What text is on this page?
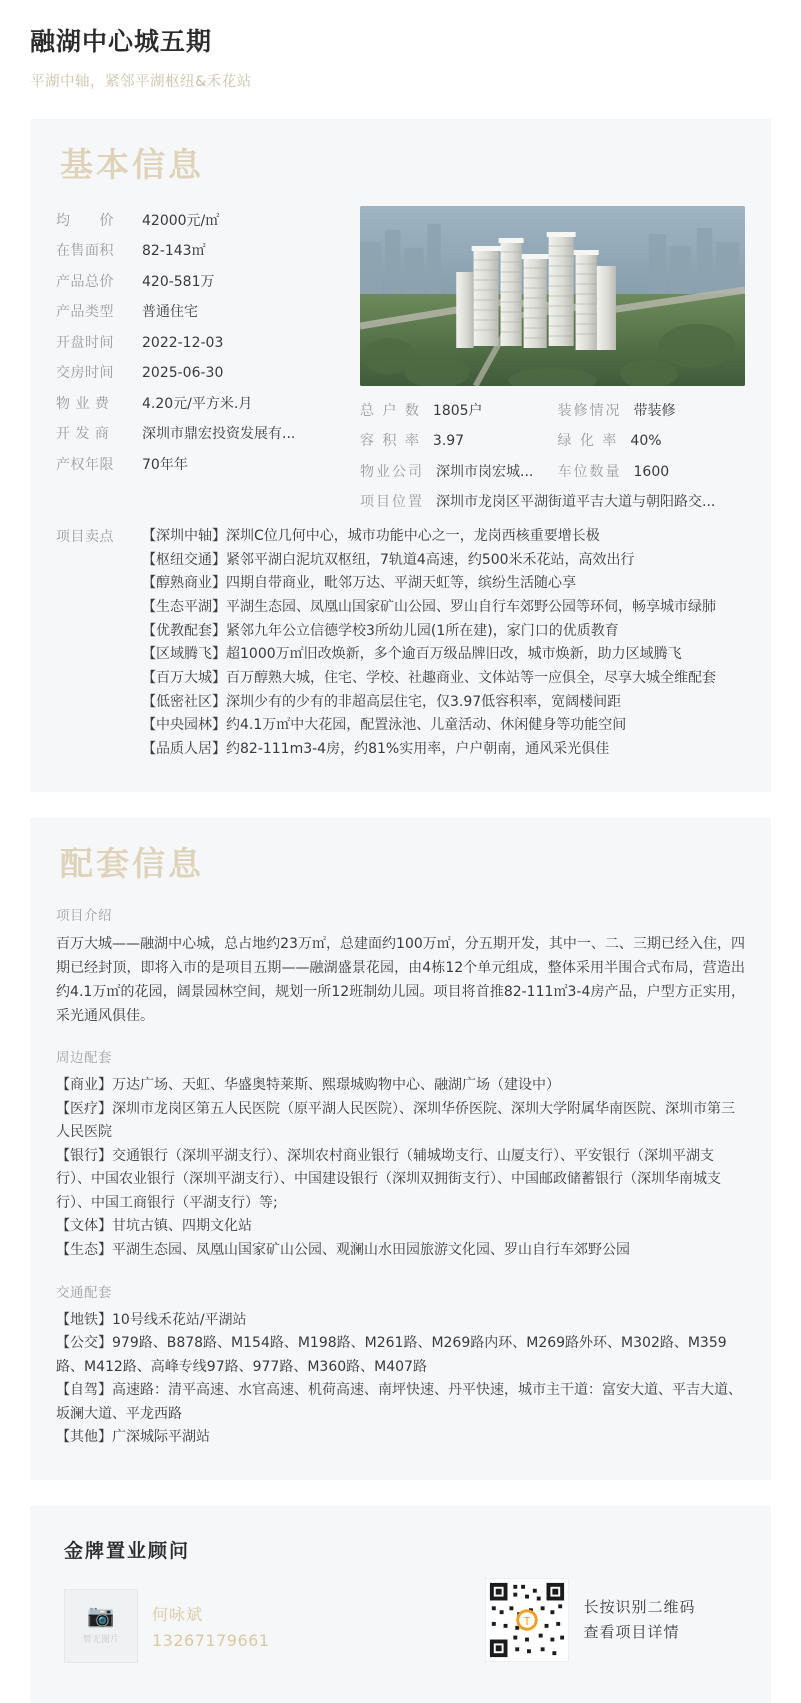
融湖中心城五期
平湖中轴，紧邻平湖枢纽&禾花站
基本信息
均　　价	42000元/㎡
在售面积	82-143㎡
产品总价	420-581万
产品类型	普通住宅
开盘时间	2022-12-03
交房时间	2025-06-30
物 业 费	4.20元/平方米.月
开 发 商	深圳市鼎宏投资发展有...
产权年限	70年年
总 户 数 1805户	装修情况 带装修
容 积 率 3.97	绿 化 率 40%
物业公司 深圳市岗宏城... 车位数量 1600
项目位置 深圳市龙岗区平湖街道平吉大道与朝阳路交...
项目卖点	【深圳中轴】深圳C位几何中心，城市功能中心之一，龙岗西核重要增长极
【枢纽交通】紧邻平湖白泥坑双枢纽，7轨道4高速，约500米禾花站，高效出行
【醇熟商业】四期自带商业，毗邻万达、平湖天虹等，缤纷生活随心享
【生态平湖】平湖生态园、凤凰山国家矿山公园、罗山自行车郊野公园等环伺，畅享城市绿肺
【优教配套】紧邻九年公立信德学校3所幼儿园(1所在建)，家门口的优质教育
【区域腾飞】超1000万㎡旧改焕新，多个逾百万级品牌旧改，城市焕新，助力区域腾飞
【百万大城】百万醇熟大城，住宅、学校、社趣商业、文体站等一应俱全，尽享大城全维配套
【低密社区】深圳少有的少有的非超高层住宅，仅3.97低容积率，宽阔楼间距
【中央园林】约4.1万㎡中大花园，配置泳池、儿童活动、休闲健身等功能空间
【品质人居】约82-111m3-4房，约81%实用率，户户朝南，通风采光俱佳
配套信息
项目介绍
百万大城——融湖中心城，总占地约23万㎡，总建面约100万㎡，分五期开发，其中一、二、三期已经入住，四期已经封顶，即将入市的是项目五期——融湖盛景花园，由4栋12个单元组成，整体采用半围合式布局，营造出约4.1万㎡的花园，阔景园林空间，规划一所12班制幼儿园。项目将首推82-111㎡3-4房产品，户型方正实用，采光通风俱佳。
周边配套
【商业】万达广场、天虹、华盛奥特莱斯、熙璟城购物中心、融湖广场（建设中）
【医疗】深圳市龙岗区第五人民医院（原平湖人民医院）、深圳华侨医院、深圳大学附属华南医院、深圳市第三人民医院
【银行】交通银行（深圳平湖支行）、深圳农村商业银行（辅城坳支行、山厦支行）、平安银行（深圳平湖支行）、中国农业银行（深圳平湖支行）、中国建设银行（深圳双拥街支行）、中国邮政储蓄银行（深圳华南城支行）、中国工商银行（平湖支行）等;
【文体】甘坑古镇、四期文化站
【生态】平湖生态园、凤凰山国家矿山公园、观澜山水田园旅游文化园、罗山自行车郊野公园
交通配套
【地铁】10号线禾花站/平湖站
【公交】979路、B878路、M154路、M198路、M261路、M269路内环、M269路外环、M302路、M359路、M412路、高峰专线97路、977路、M360路、M407路
【自驾】高速路：清平高速、水官高速、机荷高速、南坪快速、丹平快速，城市主干道：富安大道、平吉大道、坂澜大道、平龙西路
【其他】广深城际平湖站
金牌置业顾问
📷
暂无图片
何咏斌
13267179661
T
长按识别二维码
查看项目详情
